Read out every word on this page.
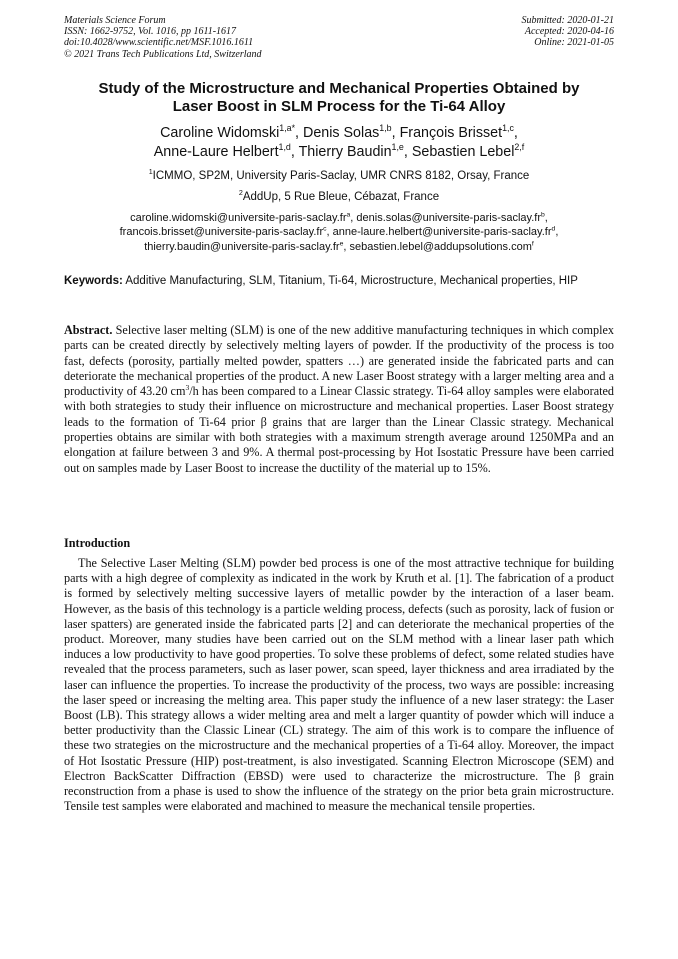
Materials Science Forum
ISSN: 1662-9752, Vol. 1016, pp 1611-1617
doi:10.4028/www.scientific.net/MSF.1016.1611
© 2021 Trans Tech Publications Ltd, Switzerland
Submitted: 2020-01-21
Accepted: 2020-04-16
Online: 2021-01-05
Study of the Microstructure and Mechanical Properties Obtained by
Laser Boost in SLM Process for the Ti-64 Alloy
Caroline Widomski$^{1,a*}$, Denis Solas$^{1,b}$, François Brisset$^{1,c}$,
Anne-Laure Helbert$^{1,d}$, Thierry Baudin$^{1,e}$, Sebastien Lebel$^{2,f}$
$^1$ICMMO, SP2M, University Paris-Saclay, UMR CNRS 8182, Orsay, France
$^2$AddUp, 5 Rue Bleue, Cébazat, France
$caroline.widomski@universite-paris-saclay.fr^a$, $denis.solas@universite-paris-saclay.fr^b$,
$francois.brisset@universite-paris-saclay.fr^c$, anne-$laure.helbert@universite-paris-saclay.fr^d$,
$thierry.baudin@universite-paris-saclay.fr^e$, sebastien.lebel@addupsolutions.com$^f$
Keywords: Additive Manufacturing, SLM, Titanium, Ti-64, Microstructure, Mechanical properties, HIP
Abstract. Selective laser melting (SLM) is one of the new additive manufacturing techniques in which complex parts can be created directly by selectively melting layers of powder. If the productivity of the process is too fast, defects (porosity, partially melted powder, spatters …) are generated inside the fabricated parts and can deteriorate the mechanical properties of the product. A new Laser Boost strategy with a larger melting area and a productivity of 43.20 $cm^3/h$ has been compared to a Linear Classic strategy. Ti-64 alloy samples were elaborated with both strategies to study their influence on microstructure and mechanical properties. Laser Boost strategy leads to the formation of Ti-64 prior β grains that are larger than the Linear Classic strategy. Mechanical properties obtains are similar with both strategies with a maximum strength average around 1250MPa and an elongation at failure between 3 and 9%. A thermal post-processing by Hot Isostatic Pressure have been carried out on samples made by Laser Boost to increase the ductility of the material up to 15%.
Introduction

The Selective Laser Melting (SLM) powder bed process is one of the most attractive technique for building parts with a high degree of complexity as indicated in the work by Kruth et al. [1]. The fabrication of a product is formed by selectively melting successive layers of metallic powder by the interaction of a laser beam. However, as the basis of this technology is a particle welding process, defects (such as porosity, lack of fusion or laser spatters) are generated inside the fabricated parts [2] and can deteriorate the mechanical properties of the product. Moreover, many studies have been carried out on the SLM method with a linear laser path which induces a low productivity to have good properties. To solve these problems of defect, some related studies have revealed that the process parameters, such as laser power, scan speed, layer thickness and area irradiated by the laser can influence the properties. To increase the productivity of the process, two ways are possible: increasing the laser speed or increasing the melting area. This paper study the influence of a new laser strategy: the Laser Boost (LB). This strategy allows a wider melting area and melt a larger quantity of powder which will induce a better productivity than the Classic Linear (CL) strategy. The aim of this work is to compare the influence of these two strategies on the microstructure and the mechanical properties of a Ti-64 alloy. Moreover, the impact of Hot Isostatic Pressure (HIP) post-treatment, is also investigated. Scanning Electron Microscope (SEM) and Electron BackScatter Diffraction (EBSD) were used to characterize the microstructure. The β grain reconstruction from a phase is used to show the influence of the strategy on the prior beta grain microstructure. Tensile test samples were elaborated and machined to measure the mechanical tensile properties.
